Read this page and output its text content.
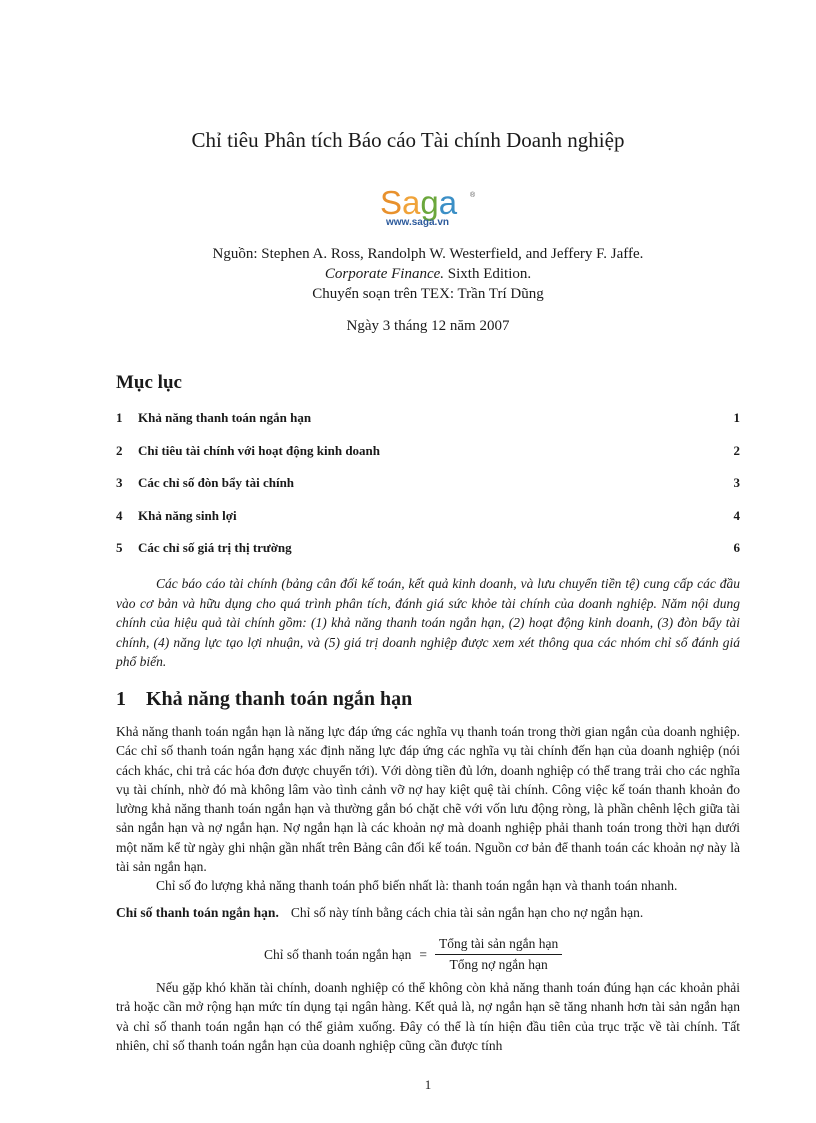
Chỉ tiêu Phân tích Báo cáo Tài chính Doanh nghiệp
Saga	®
www.saga.vn
Nguồn: Stephen A. Ross, Randolph W. Westerfield, and Jeffery F. Jaffe.
Corporate Finance. Sixth Edition.
Chuyển soạn trên TEX: Trần Trí Dũng
Ngày 3 tháng 12 năm 2007
Mục lục
1	Khả năng thanh toán ngắn hạn	1
2	Chỉ tiêu tài chính với hoạt động kinh doanh	2
3	Các chỉ số đòn bẩy tài chính	3
4	Khả năng sinh lợi	4
5	Các chỉ số giá trị thị trường	6
Các báo cáo tài chính (bảng cân đối kế toán, kết quả kinh doanh, và lưu chuyển tiền tệ) cung cấp các đầu vào cơ bản và hữu dụng cho quá trình phân tích, đánh giá sức khỏe tài chính của doanh nghiệp. Năm nội dung chính của hiệu quả tài chính gồm: (1) khả năng thanh toán ngắn hạn, (2) hoạt động kinh doanh, (3) đòn bẩy tài chính, (4) năng lực tạo lợi nhuận, và (5) giá trị doanh nghiệp được xem xét thông qua các nhóm chỉ số đánh giá phổ biến.
1 Khả năng thanh toán ngắn hạn

Khả năng thanh toán ngắn hạn là năng lực đáp ứng các nghĩa vụ thanh toán trong thời gian ngắn của doanh nghiệp. Các chỉ số thanh toán ngắn hạng xác định năng lực đáp ứng các nghĩa vụ tài chính đến hạn của doanh nghiệp (nói cách khác, chi trả các hóa đơn được chuyển tới). Với dòng tiền đủ lớn, doanh nghiệp có thể trang trải cho các nghĩa vụ tài chính, nhờ đó mà không lâm vào tình cảnh vỡ nợ hay kiệt quệ tài chính. Công việc kế toán thanh khoản đo lường khả năng thanh toán ngắn hạn và thường gắn bó chặt chẽ với vốn lưu động ròng, là phần chênh lệch giữa tài sản ngắn hạn và nợ ngắn hạn. Nợ ngắn hạn là các khoản nợ mà doanh nghiệp phải thanh toán trong thời hạn dưới một năm kể từ ngày ghi nhận gần nhất trên Bảng cân đối kế toán. Nguồn cơ bản để thanh toán các khoản nợ này là tài sản ngắn hạn.

Chỉ số đo lượng khả năng thanh toán phổ biến nhất là: thanh toán ngắn hạn và thanh toán nhanh.

Chỉ số thanh toán ngắn hạn. Chỉ số này tính bằng cách chia tài sản ngắn hạn cho nợ ngắn hạn.
Chỉ số thanh toán ngắn hạn = $\frac{\text{Tổng tài sản ngắn hạn}}{\text{Tổng nợ ngắn hạn}}$
Nếu gặp khó khăn tài chính, doanh nghiệp có thể không còn khả năng thanh toán đúng hạn các khoản phải trả hoặc cần mở rộng hạn mức tín dụng tại ngân hàng. Kết quả là, nợ ngắn hạn sẽ tăng nhanh hơn tài sản ngắn hạn và chỉ số thanh toán ngắn hạn có thể giảm xuống. Đây có thể là tín hiện đầu tiên của trục trặc về tài chính. Tất nhiên, chỉ số thanh toán ngắn hạn của doanh nghiệp cũng cần được tính
1
